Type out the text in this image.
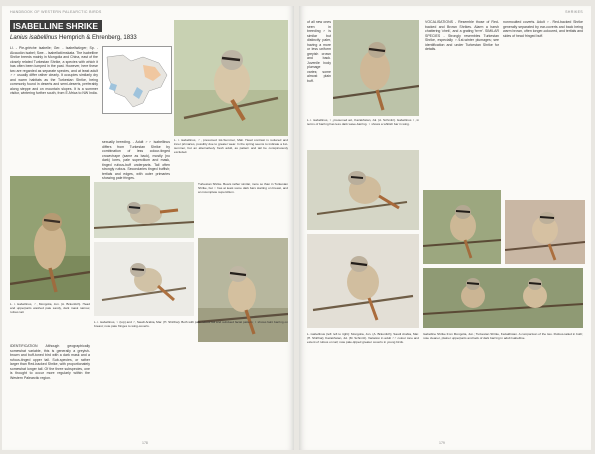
HANDBOOK OF WESTERN PALEARCTIC BIRDS
ISABELLINE SHRIKE
Lanius isabellinus Hemprich & Ehrenberg, 1833
Ll. - Pie-grièche isabelle; Ger. - Isabellwürger; Sp. - Alcaudón isabel; Swe. - Isabellatörnskata. The Isabelline Shrike breeds mainly in Mongolia and China, east of the closely related Turkestan Shrike, a species with which it has often been lumped in the past. However, here these two are regarded as separate species, and at least adult ♂♂ usually differ rather clearly. It occupies similarly dry and warm habitats as the Turkestan Shrike, being commonly found in deserts and semi-deserts, preferably along steppe and on mountain slopes. It is a summer visitor, wintering further south, from E Africa to NW India.
L. i. isabellinus, ♂, presumed 1st-Summer, Mali. Head contrast is reduced and inner primaries, possibly due to greater wear. In the spring seems to indicate a 1st-summer, but an alternatively fresh adult, as pattern and tail be conspicuously excluded.
sexually breeding. - Adult ♂♂ isabellinus differs from Turkestan Shrike by combination of less colour-tinged crown/nape (same as back), mostly (no dark) lores, pale supercilium and mask, tinged rufous-buff underparts. Tail often strongly rufous. Secondaries tinged buffish; tertials and edges, with outer primaries showing pale fringes.
L. i. isabellinus, ♂, Mongolia, Jun. (A. Bräunlich). Head and upperparts washed pale sandy, dark mask narrow, rufous tail.
Turkestan Shrike. Bears rather similar, more so than in Turkestan Shrike, but ♀ has at least some dark bars starting on breast, and an incomplete supercilium.
IDENTIFICATION Although geographically somewhat variable, this is generally a greyish-brown and buff-toned bird with a dark mask and a rufous-tinged upper tail. Sub-species, or rather larger than Red-backed Shrike, with proportionately somewhat longer tail. Of the three subspecies, one is thought to occur more regularly within the Western Palearctic region.
L. i. isabellinus, ♀ (top) and ♂, Saudi Arabia, Mar. (H. Shirihai). Both with pale rufous tail and subdued facial pattern; ♀ shows faint barring on breast; note pale fringes to wing-coverts.
178
SHRIKES
L. i. isabellinus, ♀, presumed ad., Kazakhstan, Jul. (A. Schmitz). Isabellinus ♀, in terms of barring has less dark wave-barring. ♀ shows a whitish bar in wing.
of all new ones seen in breeding ♂ is similar but distinctly paler, having a more or less uniform greyish crown and back. Juvenile body plumage varies; some almost plain buff.
VOCALISATIONS - Resemble those of Red-backed and Brown Shrikes. Alarm a harsh chattering 'chek', and a grating 'trrrrr'. SIMILAR SPECIES - Strongly resembles Turkestan Shrike, especially ♀/1st-winter plumages; see identification and under Turkestan Shrike for details.
nonmoulted coverts. Adult ♀. Red-backed Shrike generally separated by ear-coverts and back being warm brown, often longer-coloured, and tertials and sides of head fringed buff.
L. isabellinus (left: left to right): Mongolia, Jun. (A. Bräunlich); Saudi Arabia, Mar. (H. Shirihai); Kazakhstan, Jul. (M. Schmitz). Variation in adult ♂♂ colour tone and extent of rufous on tail; note pale-tipped greater coverts in young birds.
Isabelline Shrike from Mongolia, Jun.; Turkestan Shrike, Kazakhstan. A comparison of the two. Rufous-tailed in both; note cleaner, plainer upperparts and lack of dark barring in adult Isabelline.
179
